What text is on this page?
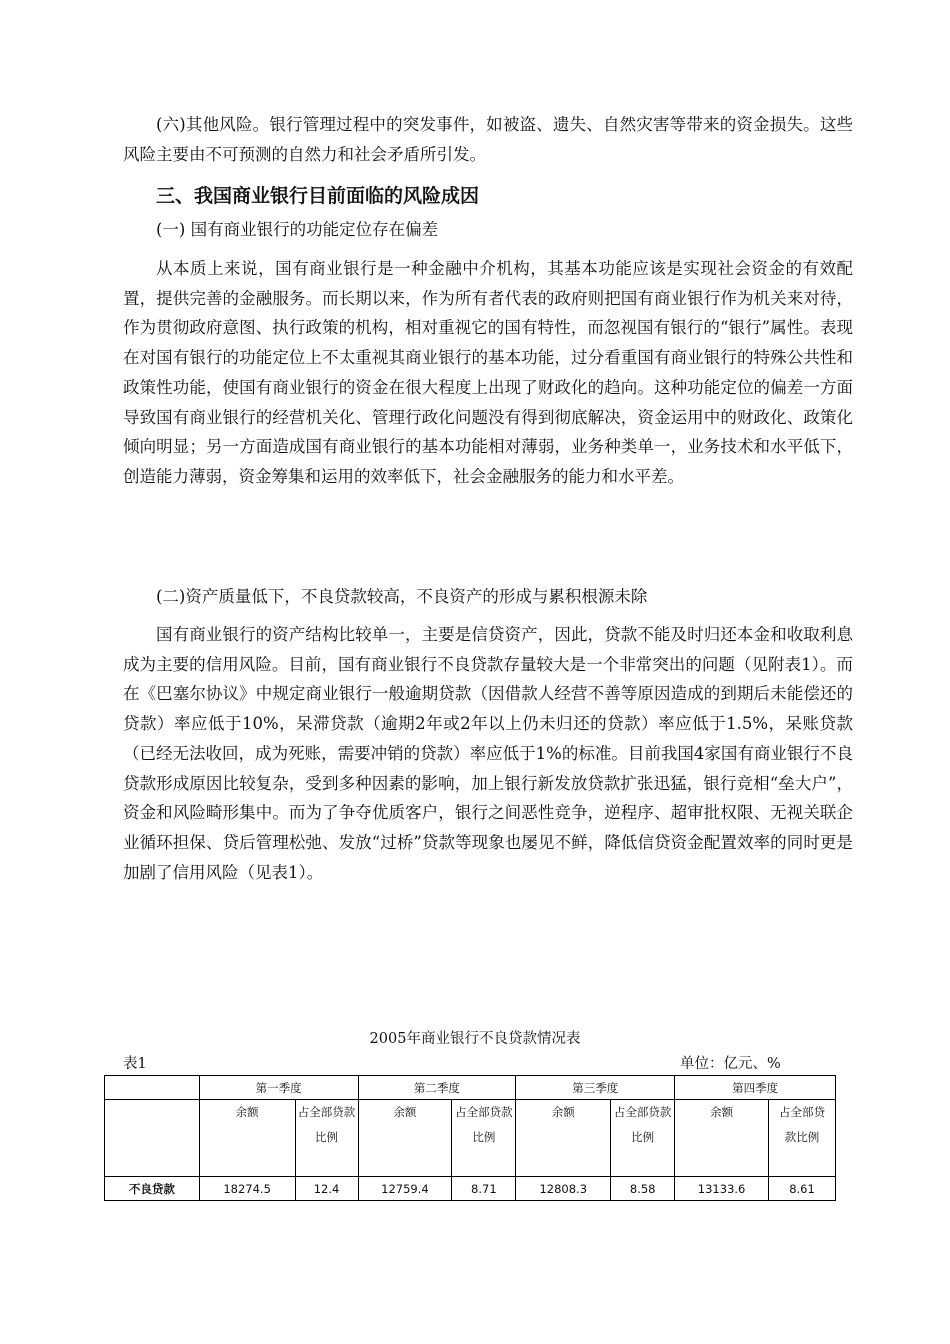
(六)其他风险。银行管理过程中的突发事件，如被盗、遗失、自然灾害等带来的资金损失。这些风险主要由不可预测的自然力和社会矛盾所引发。

三、我国商业银行目前面临的风险成因

(一) 国有商业银行的功能定位存在偏差

从本质上来说，国有商业银行是一种金融中介机构，其基本功能应该是实现社会资金的有效配置，提供完善的金融服务。而长期以来，作为所有者代表的政府则把国有商业银行作为机关来对待，作为贯彻政府意图、执行政策的机构，相对重视它的国有特性，而忽视国有银行的“银行”属性。表现在对国有银行的功能定位上不太重视其商业银行的基本功能，过分看重国有商业银行的特殊公共性和政策性功能，使国有商业银行的资金在很大程度上出现了财政化的趋向。这种功能定位的偏差一方面导致国有商业银行的经营机关化、管理行政化问题没有得到彻底解决，资金运用中的财政化、政策化倾向明显；另一方面造成国有商业银行的基本功能相对薄弱，业务种类单一，业务技术和水平低下，创造能力薄弱，资金筹集和运用的效率低下，社会金融服务的能力和水平差。

(二)资产质量低下，不良贷款较高，不良资产的形成与累积根源未除

国有商业银行的资产结构比较单一，主要是信贷资产，因此，贷款不能及时归还本金和收取利息成为主要的信用风险。目前，国有商业银行不良贷款存量较大是一个非常突出的问题（见附表1）。而在《巴塞尔协议》中规定商业银行一般逾期贷款（因借款人经营不善等原因造成的到期后未能偿还的贷款）率应低于10%，呆滞贷款（逾期2年或2年以上仍未归还的贷款）率应低于1.5%，呆账贷款（已经无法收回，成为死账，需要冲销的贷款）率应低于1%的标准。目前我国4家国有商业银行不良贷款形成原因比较复杂，受到多种因素的影响，加上银行新发放贷款扩张迅猛，银行竞相“垒大户”，资金和风险畸形集中。而为了争夺优质客户，银行之间恶性竞争，逆程序、超审批权限、无视关联企业循环担保、贷后管理松弛、发放“过桥”贷款等现象也屡见不鲜，降低信贷资金配置效率的同时更是加剧了信用风险（见表1）。

2005年商业银行不良贷款情况表
表1	单位：亿元、%
	第一季度		第二季度		第三季度		第四季度	
	余额	占全部贷款比例	余额	占全部贷款比例	余额	占全部贷款比例	余额	占全部贷款比例

不良贷款	18274.5	12.4	12759.4	8.71	12808.3	8.58	13133.6	8.61
